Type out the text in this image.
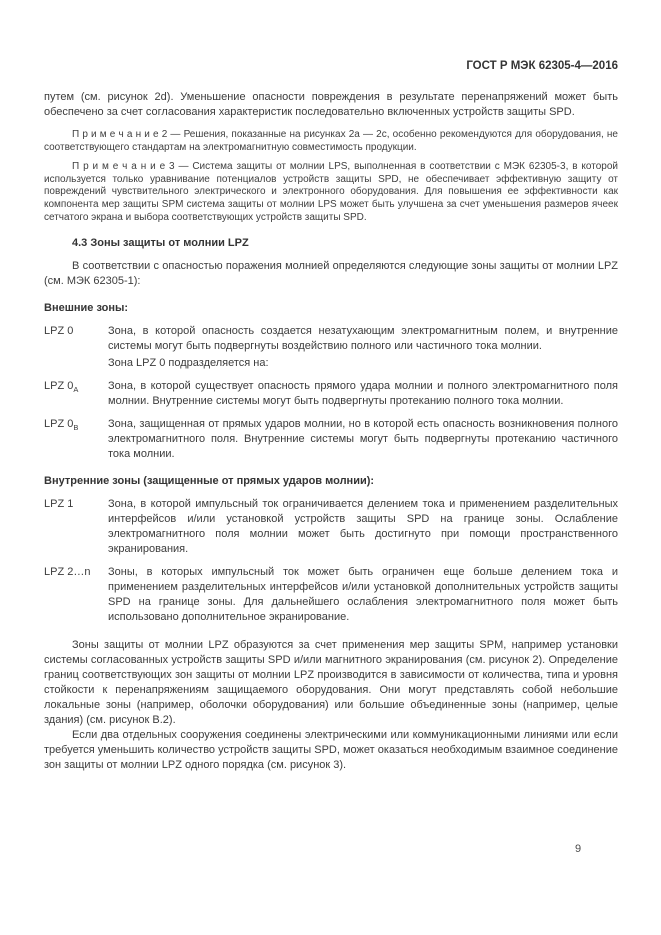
ГОСТ Р МЭК 62305-4—2016

путем (см. рисунок 2d). Уменьшение опасности повреждения в результате перенапряжений может быть обеспечено за счет согласования характеристик последовательно включенных устройств защиты SPD.

П р и м е ч а н и е 2 — Решения, показанные на рисунках 2a — 2c, особенно рекомендуются для оборудования, не соответствующего стандартам на электромагнитную совместимость продукции.

П р и м е ч а н и е 3 — Система защиты от молнии LPS, выполненная в соответствии с МЭК 62305-3, в которой используется только уравнивание потенциалов устройств защиты SPD, не обеспечивает эффективную защиту от повреждений чувствительного электрического и электронного оборудования. Для повышения ее эффективности как компонента мер защиты SPM система защиты от молнии LPS может быть улучшена за счет уменьшения размеров ячеек сетчатого экрана и выбора соответствующих устройств защиты SPD.

4.3 Зоны защиты от молнии LPZ

В соответствии с опасностью поражения молнией определяются следующие зоны защиты от молнии LPZ (см. МЭК 62305-1):

Внешние зоны:

LPZ 0	Зона, в которой опасность создается незатухающим электромагнитным полем, и внутренние системы могут быть подвергнуты воздействию полного или частичного тока молнии.

Зона LPZ 0 подразделяется на:

LPZ $0_A$	Зона, в которой существует опасность прямого удара молнии и полного электромагнитного поля молнии. Внутренние системы могут быть подвергнуты протеканию полного тока молнии.

LPZ $0_B$	Зона, защищенная от прямых ударов молнии, но в которой есть опасность возникновения полного электромагнитного поля. Внутренние системы могут быть подвергнуты протеканию частичного тока молнии.

Внутренние зоны (защищенные от прямых ударов молнии):

LPZ 1	Зона, в которой импульсный ток ограничивается делением тока и применением разделительных интерфейсов и/или установкой устройств защиты SPD на границе зоны. Ослабление электромагнитного поля молнии может быть достигнуто при помощи пространственного экранирования.

LPZ 2…n	Зоны, в которых импульсный ток может быть ограничен еще больше делением тока и применением разделительных интерфейсов и/или установкой дополнительных устройств защиты SPD на границе зоны. Для дальнейшего ослабления электромагнитного поля может быть использовано дополнительное экранирование.

Зоны защиты от молнии LPZ образуются за счет применения мер защиты SPM, например установки системы согласованных устройств защиты SPD и/или магнитного экранирования (см. рисунок 2). Определение границ соответствующих зон защиты от молнии LPZ производится в зависимости от количества, типа и уровня стойкости к перенапряжениям защищаемого оборудования. Они могут представлять собой небольшие локальные зоны (например, оболочки оборудования) или большие объединенные зоны (например, целые здания) (см. рисунок В.2).

Если два отдельных сооружения соединены электрическими или коммуникационными линиями или если требуется уменьшить количество устройств защиты SPD, может оказаться необходимым взаимное соединение зон защиты от молнии LPZ одного порядка (см. рисунок 3).

9
